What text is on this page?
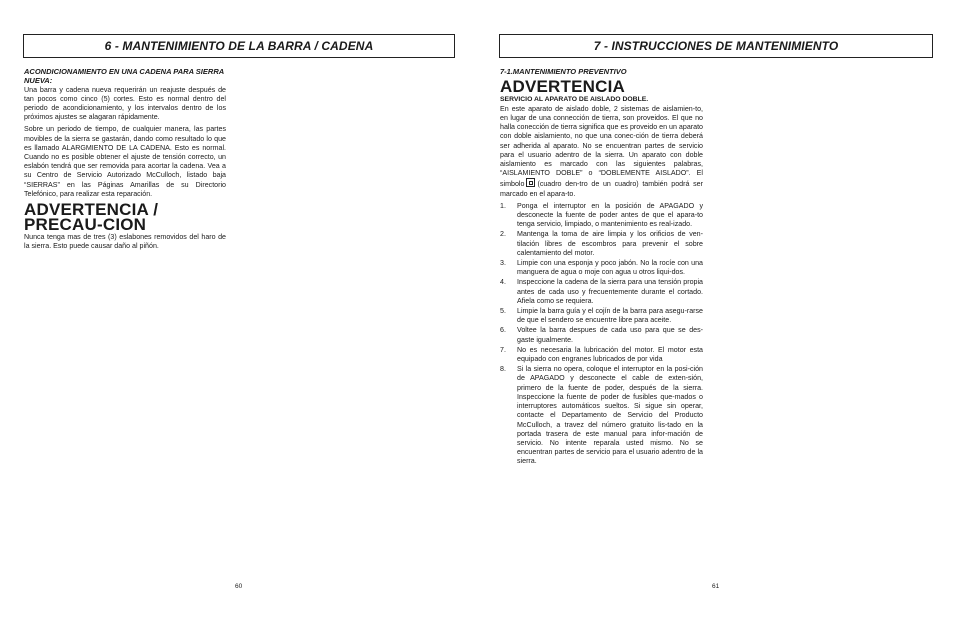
6 - MANTENIMIENTO DE LA BARRA / CADENA

ACONDICIONAMIENTO EN UNA CADENA PARA SIERRA NUEVA:

Una barra y cadena nueva requerirán un reajuste después de tan pocos como cinco (5) cortes. Esto es normal dentro del periodo de acondicionamiento, y los intervalos dentro de los próximos ajustes se alagaran rápidamente.

Sobre un periodo de tiempo, de cualquier manera, las partes movibles de la sierra se gastarán, dando como resultado lo que es llamado ALARGMIENTO DE LA CADENA. Esto es normal. Cuando no es posible obtener el ajuste de tensión correcto, un eslabón tendrá que ser removida para acortar la cadena. Vea a su Centro de Servicio Autorizado McCulloch, listado baja “SIERRAS” en las Páginas Amarillas de su Directorio Telefónico, para realizar esta reparación.

ADVERTENCIA / PRECAU-CION

Nunca tenga mas de tres (3) eslabones removidos del haro de la sierra. Esto puede causar daño al piñón.

60
7 - INSTRUCCIONES DE MANTENIMIENTO

7-1.MANTENIMIENTO PREVENTIVO

ADVERTENCIA

SERVICIO AL APARATO DE AISLADO DOBLE.

En este aparato de aislado doble, 2 sistemas de aislamien-to, en lugar de una connección de tierra, son proveidos. El que no halla conección de tierra significa que es proveido en un aparato con doble aislamiento, no que una conec-ción de tierra deberá ser adherida al aparato. No se encuentran partes de servicio para el usuario adentro de la sierra. Un aparato con doble aislamiento es marcado con las siguientes palabras, “AISLAMIENTO DOBLE” o “DOBLEMENTE AISLADO”. El simbolo (cuadro den-tro de un cuadro) también podrá ser marcado en el apara-to.

1.	Ponga el interruptor en la posición de APAGADO y desconecte la fuente de poder antes de que el apara-to tenga servicio, limpiado, o mantenimiento es real-izado.
2.	Mantenga la toma de aire limpia y los orificios de ven-tilación libres de escombros para prevenir el sobre calentamiento del motor.
3.	Limpie con una esponja y poco jabón. No la rocíe con una manguera de agua o moje con agua u otros liqui-dos.
4.	Inspeccione la cadena de la sierra para una tensión propia antes de cada uso y frecuentemente durante el cortado. Afiela como se requiera.
5.	Limpie la barra guía y el cojín de la barra para asegu-rarse de que el sendero se encuentre libre para aceite.
6.	Voltee la barra despues de cada uso para que se des-gaste igualmente.
7.	No es necesaria la lubricación del motor. El motor esta equipado con engranes lubricados de por vida
8.	Si la sierra no opera, coloque el interruptor en la posi-ción de APAGADO y desconecte el cable de exten-sión, primero de la fuente de poder, después de la sierra. Inspeccione la fuente de poder de fusibles que-mados o interruptores automáticos sueltos. Si sigue sin operar, contacte el Departamento de Servicio del Producto McCulloch, a travez del número gratuito lis-tado en la portada trasera de este manual para infor-mación de servicio. No intente reparala usted mismo. No se encuentran partes de servicio para el usuario adentro de la sierra.
61
